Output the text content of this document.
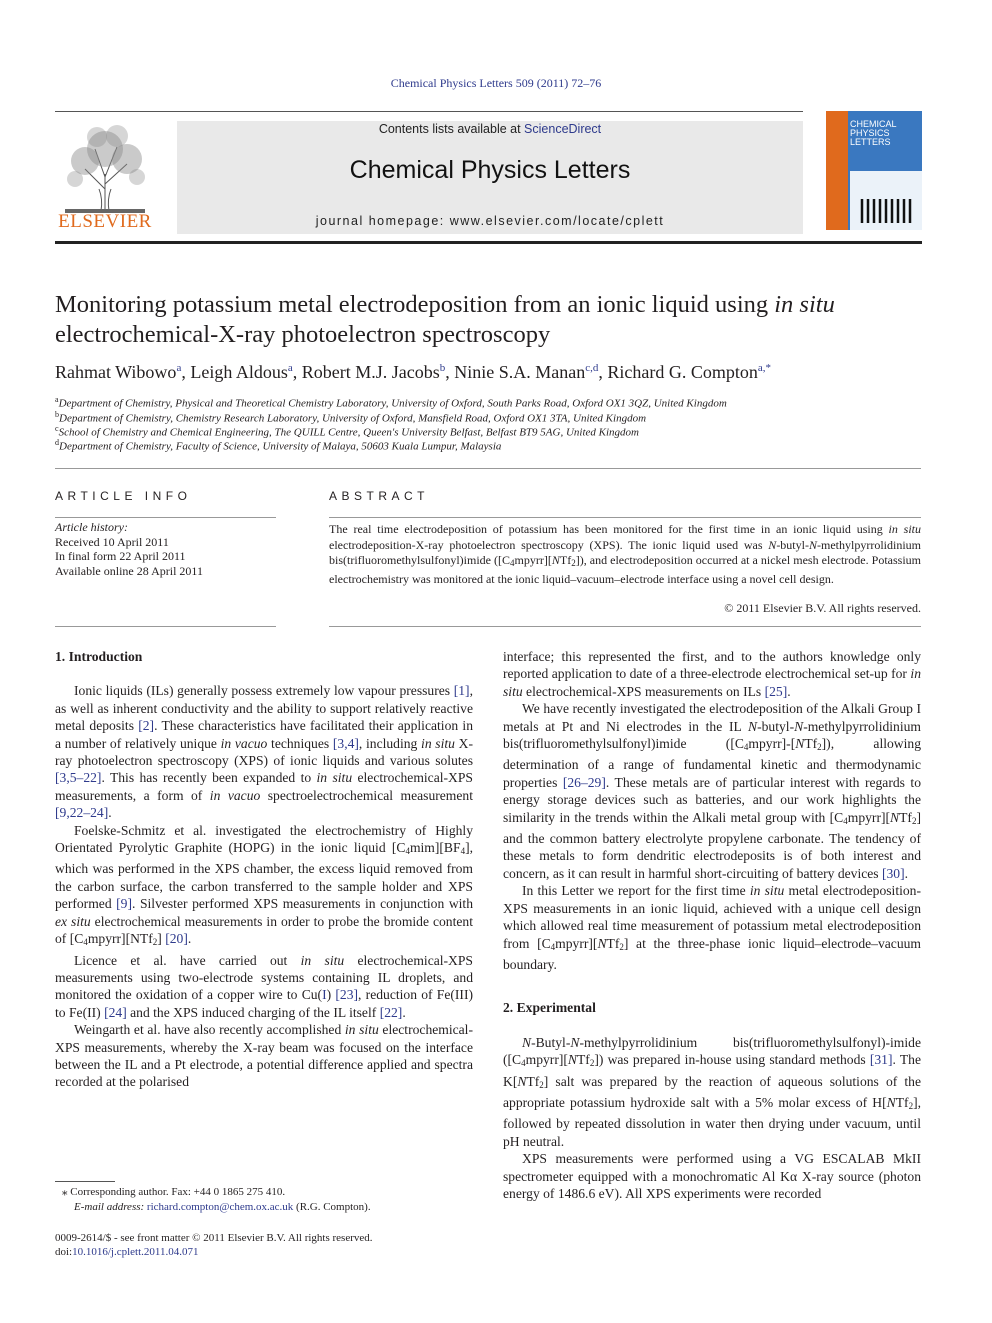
Chemical Physics Letters 509 (2011) 72–76
ELSEVIER
Contents lists available at ScienceDirect
Chemical Physics Letters
journal homepage: www.elsevier.com/locate/cplett
CHEMICAL
PHYSICS
LETTERS
Monitoring potassium metal electrodeposition from an ionic liquid using in situ
electrochemical-X-ray photoelectron spectroscopy
Rahmat Wibowo$^a$, Leigh Aldous$^a$, Robert M.J. Jacobs$^b$, Ninie S.A. Manan$^{c,d}$, Richard G. Compton$^{a,*}$
$^a$Department of Chemistry, Physical and Theoretical Chemistry Laboratory, University of Oxford, South Parks Road, Oxford OX1 3QZ, United Kingdom
$^b$Department of Chemistry, Chemistry Research Laboratory, University of Oxford, Mansfield Road, Oxford OX1 3TA, United Kingdom
$^c$School of Chemistry and Chemical Engineering, The QUILL Centre, Queen's University Belfast, Belfast BT9 5AG, United Kingdom
$^d$Department of Chemistry, Faculty of Science, University of Malaya, 50603 Kuala Lumpur, Malaysia
ARTICLE INFO
Article history:
Received 10 April 2011
In final form 22 April 2011
Available online 28 April 2011
ABSTRACT
The real time electrodeposition of potassium has been monitored for the first time in an ionic liquid using in situ electrodeposition-X-ray photoelectron spectroscopy (XPS). The ionic liquid used was N-butyl-N-methylpyrrolidinium bis(trifluoromethylsulfonyl)imide $([C_4mpyrr][NTf_2])$, and electrodeposition occurred at a nickel mesh electrode. Potassium electrochemistry was monitored at the ionic liquid–vacuum–electrode interface using a novel cell design.
© 2011 Elsevier B.V. All rights reserved.
1. Introduction

Ionic liquids (ILs) generally possess extremely low vapour pressures [1], as well as inherent conductivity and the ability to support relatively reactive metal deposits [2]. These characteristics have facilitated their application in a number of relatively unique in vacuo techniques [3,4], including in situ X-ray photoelectron spectroscopy (XPS) of ionic liquids and various solutes [3,5–22]. This has recently been expanded to in situ electrochemical-XPS measurements, a form of in vacuo spectroelectrochemical measurement [9,22–24].

Foelske-Schmitz et al. investigated the electrochemistry of Highly Orientated Pyrolytic Graphite (HOPG) in the ionic liquid $[C_4mim][BF_4]$, which was performed in the XPS chamber, the excess liquid removed from the carbon surface, the carbon transferred to the sample holder and XPS performed [9]. Silvester performed XPS measurements in conjunction with ex situ electrochemical measurements in order to probe the bromide content of $[C_4mpyrr][NTf_2]$ [20].

Licence et al. have carried out in situ electrochemical-XPS measurements using two-electrode systems containing IL droplets, and monitored the oxidation of a copper wire to Cu(I) [23], reduction of Fe(III) to Fe(II) [24] and the XPS induced charging of the IL itself [22].

Weingarth et al. have also recently accomplished in situ electrochemical-XPS measurements, whereby the X-ray beam was focused on the interface between the IL and a Pt electrode, a potential difference applied and spectra recorded at the polarised

interface; this represented the first, and to the authors knowledge only reported application to date of a three-electrode electrochemical set-up for in situ electrochemical-XPS measurements on ILs [25].

We have recently investigated the electrodeposition of the Alkali Group I metals at Pt and Ni electrodes in the IL N-butyl-N-methylpyrrolidinium bis(trifluoromethylsulfonyl)imide $([C_4mpyrr]-[NTf_2])$, allowing determination of a range of fundamental kinetic and thermodynamic properties [26–29]. These metals are of particular interest with regards to energy storage devices such as batteries, and our work highlights the similarity in the trends within the Alkali metal group with $[C_4mpyrr][NTf_2]$ and the common battery electrolyte propylene carbonate. The tendency of these metals to form dendritic electrodeposits is of both interest and concern, as it can result in harmful short-circuiting of battery devices [30].

In this Letter we report for the first time in situ metal electrodeposition-XPS measurements in an ionic liquid, achieved with a unique cell design which allowed real time measurement of potassium metal electrodeposition from $[C_4mpyrr][NTf_2]$ at the three-phase ionic liquid–electrode–vacuum boundary.

2. Experimental

N-Butyl-N-methylpyrrolidinium bis(trifluoromethylsulfonyl)-imide $([C_4mpyrr][NTf_2])$ was prepared in-house using standard methods [31]. The K[NTf$_2$] salt was prepared by the reaction of aqueous solutions of the appropriate potassium hydroxide salt with a 5% molar excess of H[NTf$_2$], followed by repeated dissolution in water then drying under vacuum, until pH neutral.

XPS measurements were performed using a VG ESCALAB MkII spectrometer equipped with a monochromatic Al Kα X-ray source (photon energy of 1486.6 eV). All XPS experiments were recorded

⁎ Corresponding author. Fax: +44 0 1865 275 410.
E-mail address: richard.compton@chem.ox.ac.uk (R.G. Compton).
0009-2614/$ - see front matter © 2011 Elsevier B.V. All rights reserved.
doi:10.1016/j.cplett.2011.04.071
